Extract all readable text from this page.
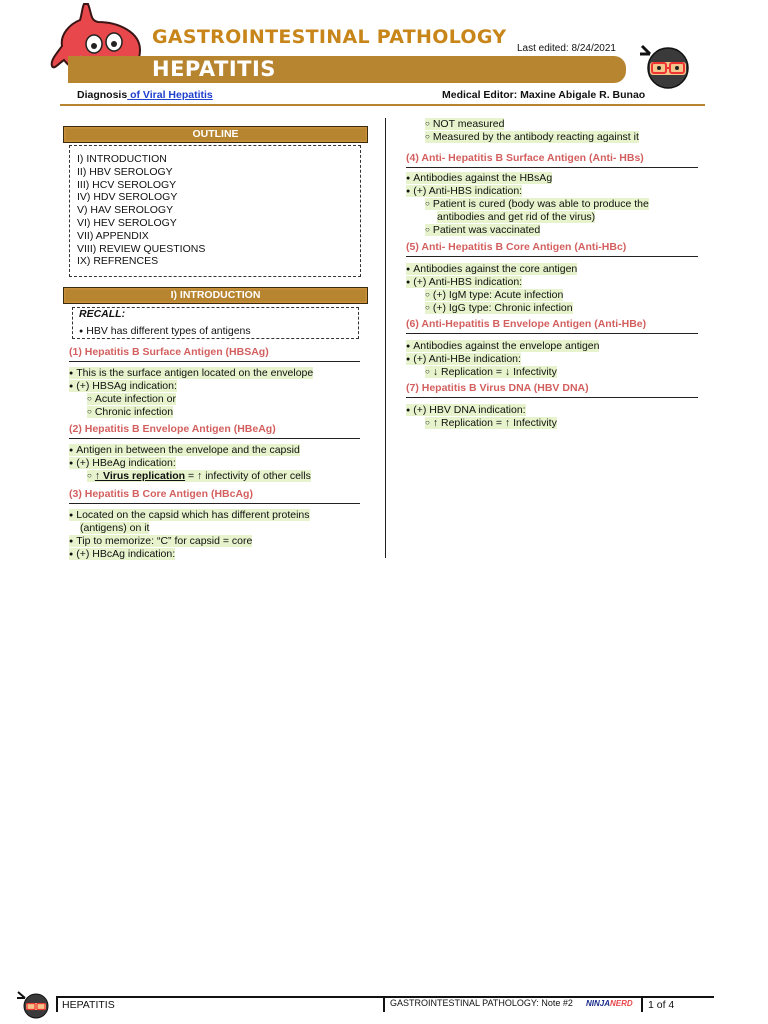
GASTROINTESTINAL PATHOLOGY
Last edited: 8/24/2021
HEPATITIS
Diagnosis of Viral Hepatitis	Medical Editor: Maxine Abigale R. Bunao
OUTLINE
I) INTRODUCTION
II) HBV SEROLOGY
III) HCV SEROLOGY
IV) HDV SEROLOGY
V) HAV SEROLOGY
VI) HEV SEROLOGY
VII) APPENDIX
VIII) REVIEW QUESTIONS
IX) REFRENCES
I) INTRODUCTION
RECALL:
● HBV has different types of antigens
(1) Hepatitis B Surface Antigen (HBSAg)
● This is the surface antigen located on the envelope
● (+) HBSAg indication:
○ Acute infection or
○ Chronic infection
(2) Hepatitis B Envelope Antigen (HBeAg)
● Antigen in between the envelope and the capsid
● (+) HBeAg indication:
○ ↑ Virus replication = ↑ infectivity of other cells
(3) Hepatitis B Core Antigen (HBcAg)
● Located on the capsid which has different proteins
(antigens) on it
● Tip to memorize: “C” for capsid = core
● (+) HBcAg indication:
○ NOT measured
○ Measured by the antibody reacting against it
(4) Anti- Hepatitis B Surface Antigen (Anti- HBs)
● Antibodies against the HBsAg
● (+) Anti-HBS indication:
○ Patient is cured (body was able to produce the
antibodies and get rid of the virus)
○ Patient was vaccinated
(5) Anti- Hepatitis B Core Antigen (Anti-HBc)
● Antibodies against the core antigen
● (+) Anti-HBS indication:
○ (+) IgM type: Acute infection
○ (+) IgG type: Chronic infection
(6) Anti-Hepatitis B Envelope Antigen (Anti-HBe)
● Antibodies against the envelope antigen
● (+) Anti-HBe indication:
○ ↓ Replication = ↓ Infectivity
(7) Hepatitis B Virus DNA (HBV DNA)
● (+) HBV DNA indication:
○ ↑ Replication = ↑ Infectivity
HEPATITIS	GASTROINTESTINAL PATHOLOGY: Note #2 NINJANERD 1 of 4
